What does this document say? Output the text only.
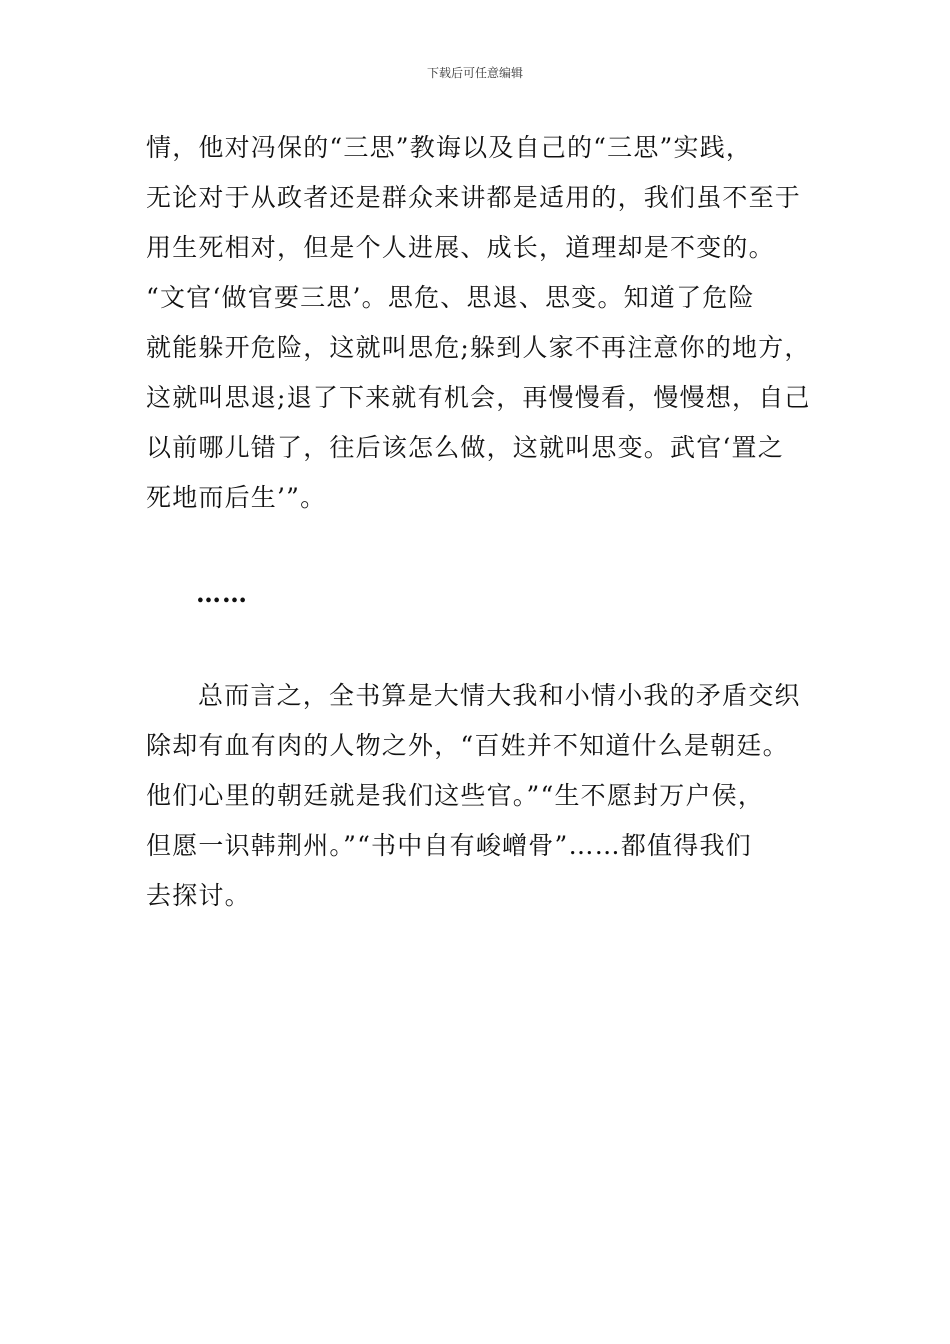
下载后可任意编辑
情，他对冯保的“三思”教诲以及自己的“三思”实践，
无论对于从政者还是群众来讲都是适用的，我们虽不至于
用生死相对，但是个人进展、成长，道理却是不变的。
“文官‘做官要三思’。思危、思退、思变。知道了危险
就能躲开危险，这就叫思危;躲到人家不再注意你的地方，
这就叫思退;退了下来就有机会，再慢慢看，慢慢想，自己
以前哪儿错了，往后该怎么做，这就叫思变。武官‘置之
死地而后生’”。
……
总而言之，全书算是大情大我和小情小我的矛盾交织
除却有血有肉的人物之外，“百姓并不知道什么是朝廷。
他们心里的朝廷就是我们这些官。”“生不愿封万户侯，
但愿一识韩荆州。”“书中自有峻嶒骨”……都值得我们
去探讨。
